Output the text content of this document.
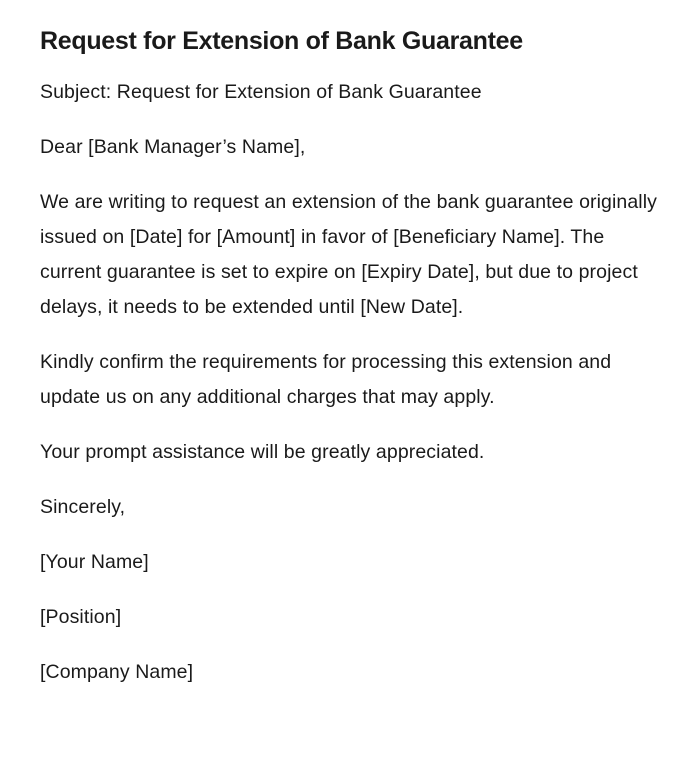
Request for Extension of Bank Guarantee

Subject: Request for Extension of Bank Guarantee

Dear [Bank Manager’s Name],

We are writing to request an extension of the bank guarantee originally issued on [Date] for [Amount] in favor of [Beneficiary Name]. The current guarantee is set to expire on [Expiry Date], but due to project delays, it needs to be extended until [New Date].

Kindly confirm the requirements for processing this extension and update us on any additional charges that may apply.

Your prompt assistance will be greatly appreciated.

Sincerely,

[Your Name]

[Position]

[Company Name]
